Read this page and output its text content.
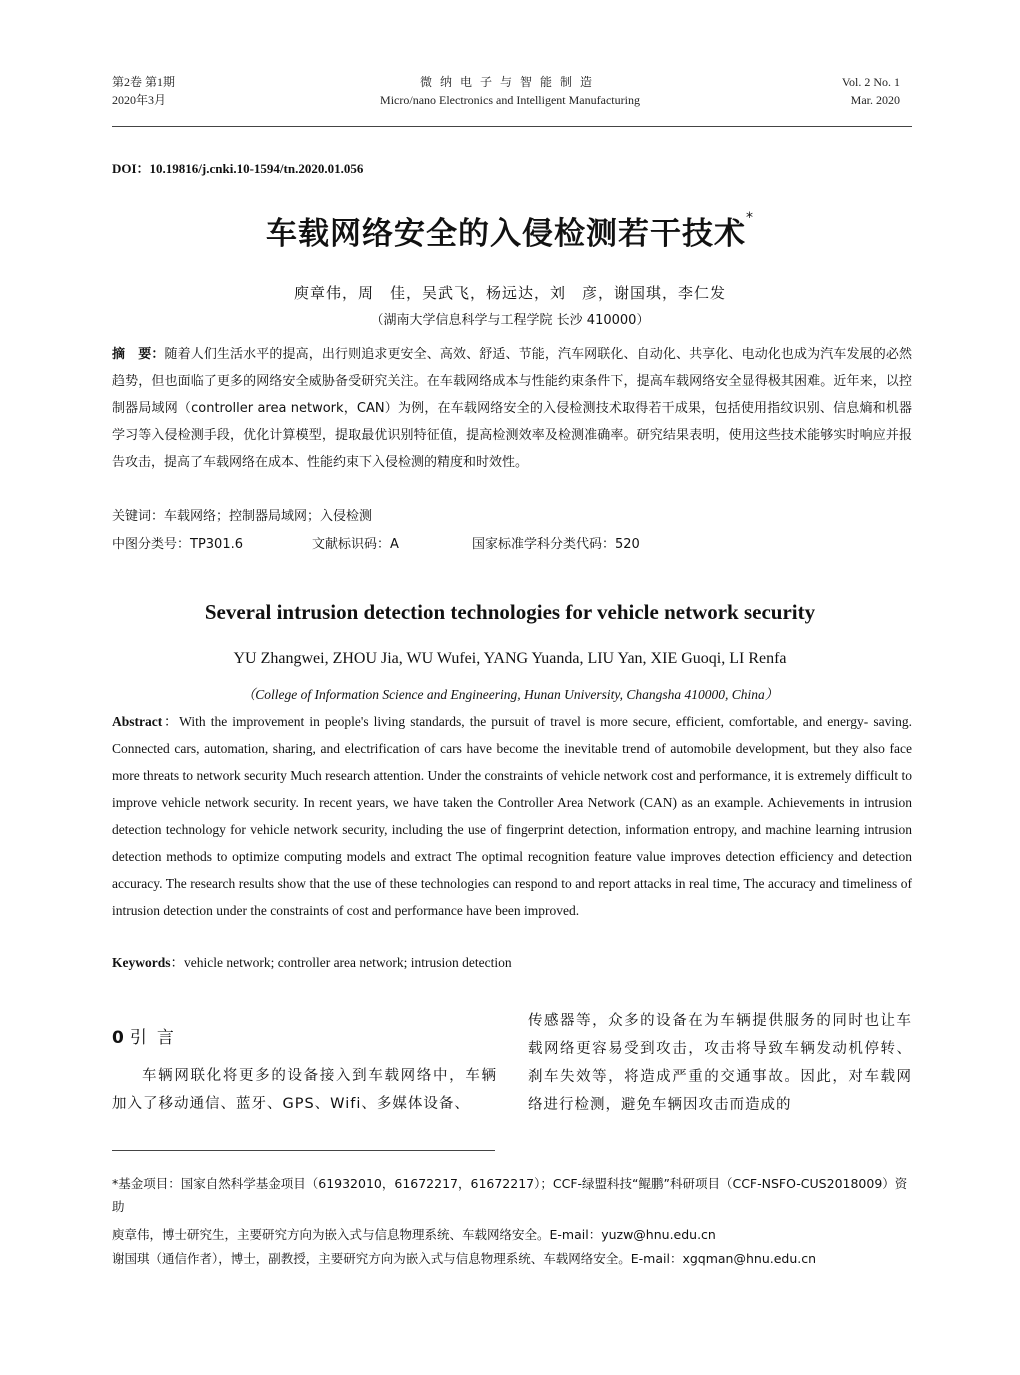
第2卷 第1期
2020年3月
微纳电子与智能制造
Micro/nano Electronics and Intelligent Manufacturing
Vol. 2 No. 1
Mar. 2020
DOI：10.19816/j.cnki.10-1594/tn.2020.01.056
车载网络安全的入侵检测若干技术*
庾章伟，周　佳，吴武飞，杨远达，刘　彦，谢国琪，李仁发
（湖南大学信息科学与工程学院 长沙 410000）
摘　要：随着人们生活水平的提高，出行则追求更安全、高效、舒适、节能，汽车网联化、自动化、共享化、电动化也成为汽车发展的必然趋势，但也面临了更多的网络安全威胁备受研究关注。在车载网络成本与性能约束条件下，提高车载网络安全显得极其困难。近年来，以控制器局域网（controller area network，CAN）为例，在车载网络安全的入侵检测技术取得若干成果，包括使用指纹识别、信息熵和机器学习等入侵检测手段，优化计算模型，提取最优识别特征值，提高检测效率及检测准确率。研究结果表明，使用这些技术能够实时响应并报告攻击，提高了车载网络在成本、性能约束下入侵检测的精度和时效性。
关键词：车载网络；控制器局域网；入侵检测
中图分类号：TP301.6	文献标识码：A	国家标准学科分类代码：520
Several intrusion detection technologies for vehicle network security
YU Zhangwei, ZHOU Jia, WU Wufei, YANG Yuanda, LIU Yan, XIE Guoqi, LI Renfa
（College of Information Science and Engineering, Hunan University, Changsha 410000, China）
Abstract：With the improvement in people's living standards, the pursuit of travel is more secure, efficient, comfortable, and energy- saving. Connected cars, automation, sharing, and electrification of cars have become the inevitable trend of automobile development, but they also face more threats to network security Much research attention. Under the constraints of vehicle network cost and performance, it is extremely difficult to improve vehicle network security. In recent years, we have taken the Controller Area Network (CAN) as an example. Achievements in intrusion detection technology for vehicle network security, including the use of fingerprint detection, information entropy, and machine learning intrusion detection methods to optimize computing models and extract The optimal recognition feature value improves detection efficiency and detection accuracy. The research results show that the use of these technologies can respond to and report attacks in real time, The accuracy and timeliness of intrusion detection under the constraints of cost and performance have been improved.
Keywords：vehicle network; controller area network; intrusion detection
0 引言
车辆网联化将更多的设备接入到车载网络中，车辆加入了移动通信、蓝牙、GPS、Wifi、多媒体设备、
传感器等，众多的设备在为车辆提供服务的同时也让车载网络更容易受到攻击，攻击将导致车辆发动机停转、刹车失效等，将造成严重的交通事故。因此，对车载网络进行检测，避免车辆因攻击而造成的
*基金项目：国家自然科学基金项目（61932010，61672217，61672217）；CCF-绿盟科技“鲲鹏”科研项目（CCF-NSFO-CUS2018009）资助
庾章伟，博士研究生，主要研究方向为嵌入式与信息物理系统、车载网络安全。E-mail：yuzw@hnu.edu.cn
谢国琪（通信作者），博士，副教授，主要研究方向为嵌入式与信息物理系统、车载网络安全。E-mail：xgqman@hnu.edu.cn
